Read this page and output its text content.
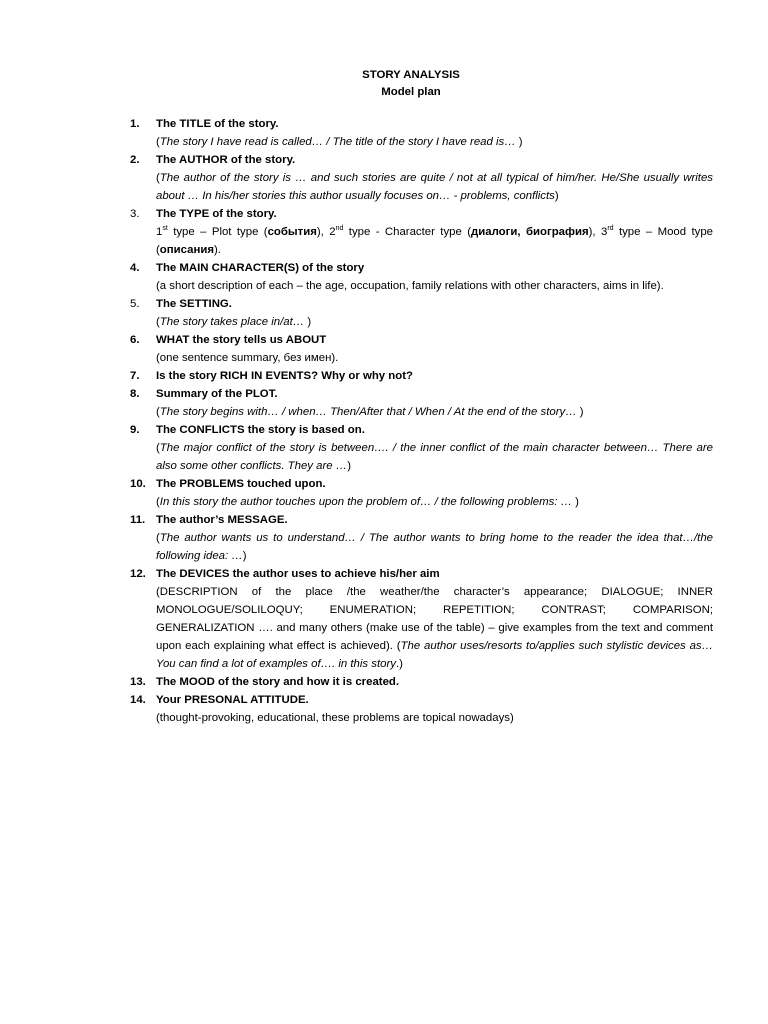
STORY ANALYSIS
Model plan
1.	The TITLE of the story.
(The story I have read is called… / The title of the story I have read is… )
2.	The AUTHOR of the story.
(The author of the story is … and such stories are quite / not at all typical of him/her. He/She usually writes about … In his/her stories this author usually focuses on… - problems, conflicts)
3.	The TYPE of the story.
1st type – Plot type (события), 2nd type - Character type (диалоги, биография), 3rd type – Mood type (описания).
4.	The MAIN CHARACTER(S) of the story
(a short description of each – the age, occupation, family relations with other characters, aims in life).
5.	The SETTING.
(The story takes place in/at… )
6.	WHAT the story tells us ABOUT
(one sentence summary, без имен).
7.	Is the story RICH IN EVENTS? Why or why not?
8.	Summary of the PLOT.
(The story begins with… / when… Then/After that / When / At the end of the story… )
9.	The CONFLICTS the story is based on.
(The major conflict of the story is between…. / the inner conflict of the main character between… There are also some other conflicts. They are …)
10. The PROBLEMS touched upon.
(In this story the author touches upon the problem of… / the following problems: … )
11. The author’s MESSAGE.
(The author wants us to understand… / The author wants to bring home to the reader the idea that…/the following idea: …)
12. The DEVICES the author uses to achieve his/her aim
(DESCRIPTION of the place /the weather/the character’s appearance; DIALOGUE; INNER MONOLOGUE/SOLILOQUY; ENUMERATION; REPETITION; CONTRAST; COMPARISON; GENERALIZATION …. and many others (make use of the table) – give examples from the text and comment upon each explaining what effect is achieved). (The author uses/resorts to/applies such stylistic devices as… You can find a lot of examples of…. in this story.)
13. The MOOD of the story and how it is created.
14. Your PRESONAL ATTITUDE.
(thought-provoking, educational, these problems are topical nowadays)
